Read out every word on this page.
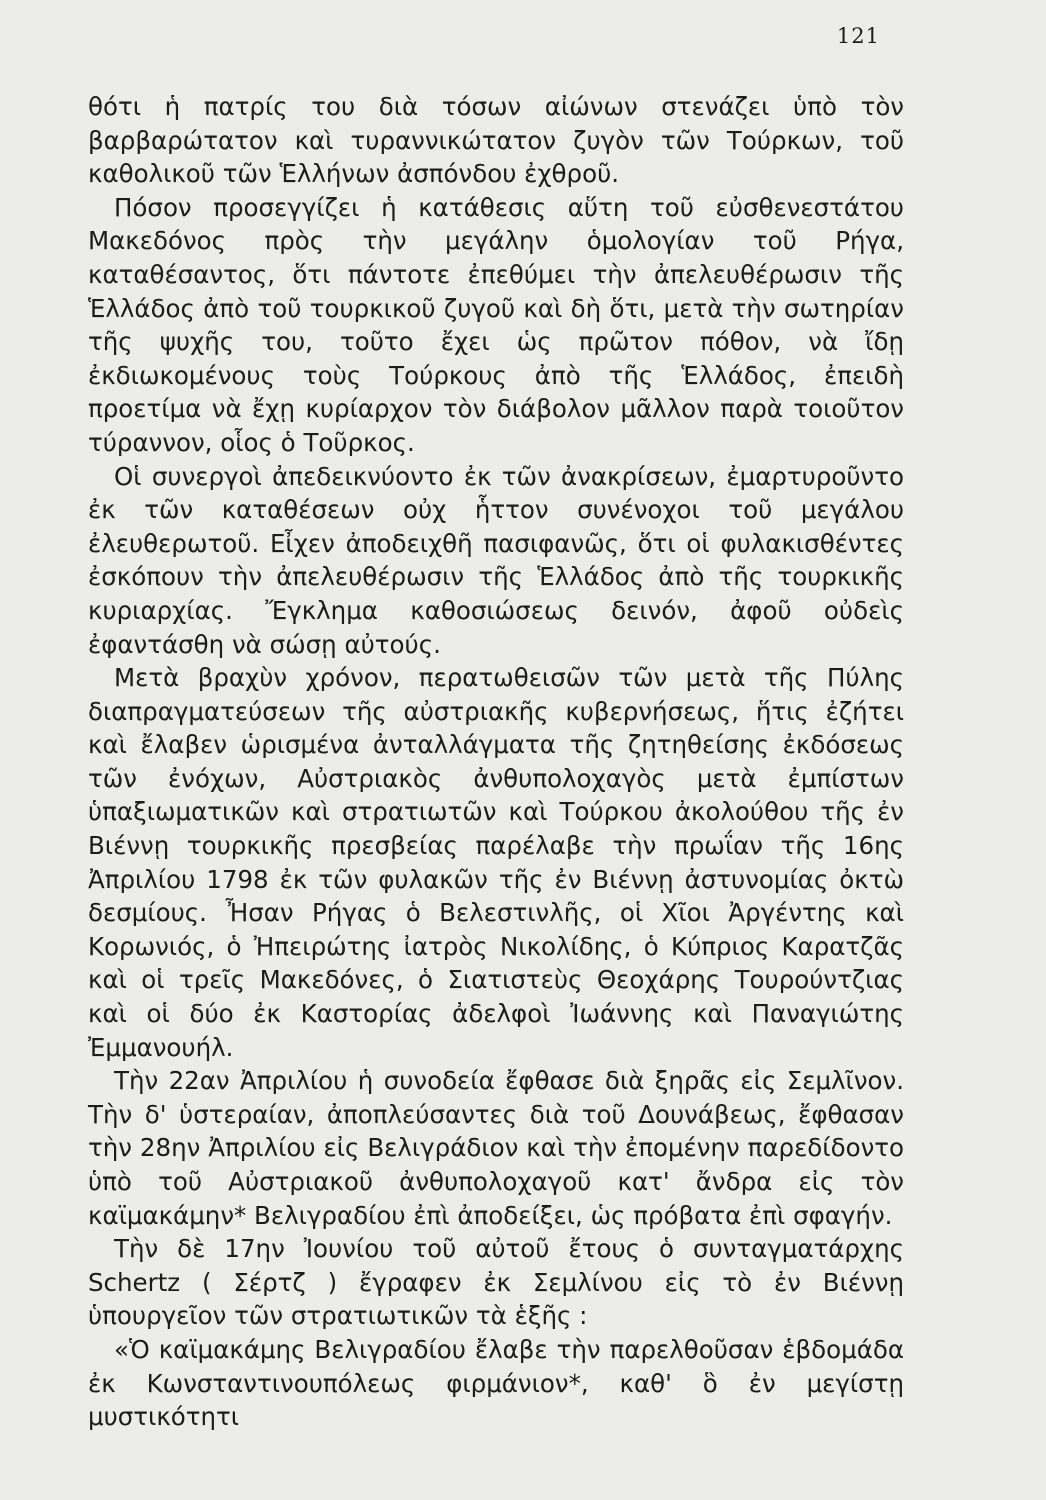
121

θότι ἡ πατρίς του διὰ τόσων αἰώνων στενάζει ὑπὸ τὸν βαρβαρώτατον καὶ τυραννικώτατον ζυγὸν τῶν Τούρκων, τοῦ καθολικοῦ τῶν Ἑλλήνων ἀσπόνδου ἐχθροῦ.

Πόσον προσεγγίζει ἡ κατάθεσις αὕτη τοῦ εὐσθενεστάτου Μακεδόνος πρὸς τὴν μεγάλην ὁμολογίαν τοῦ Ρήγα, καταθέσαντος, ὅτι πάντοτε ἐπεθύμει τὴν ἀπελευθέρωσιν τῆς Ἑλλάδος ἀπὸ τοῦ τουρκικοῦ ζυγοῦ καὶ δὴ ὅτι, μετὰ τὴν σωτηρίαν τῆς ψυχῆς του, τοῦτο ἔχει ὡς πρῶτον πόθον, νὰ ἴδῃ ἐκδιωκομένους τοὺς Τούρκους ἀπὸ τῆς Ἑλλάδος, ἐπειδὴ προετίμα νὰ ἔχῃ κυρίαρχον τὸν διάβολον μᾶλλον παρὰ τοιοῦτον τύραννον, οἷος ὁ Τοῦρκος.

Οἱ συνεργοὶ ἀπεδεικνύοντο ἐκ τῶν ἀνακρίσεων, ἐμαρτυροῦντο ἐκ τῶν καταθέσεων οὐχ ἧττον συνένοχοι τοῦ μεγάλου ἐλευθερωτοῦ. Εἶχεν ἀποδειχθῆ πασιφανῶς, ὅτι οἱ φυλακισθέντες ἐσκόπουν τὴν ἀπελευθέρωσιν τῆς Ἑλλάδος ἀπὸ τῆς τουρκικῆς κυριαρχίας. Ἔγκλημα καθοσιώσεως δεινόν, ἀφοῦ οὐδεὶς ἐφαντάσθη νὰ σώσῃ αὐτούς.

Μετὰ βραχὺν χρόνον, περατωθεισῶν τῶν μετὰ τῆς Πύλης διαπραγματεύσεων τῆς αὐστριακῆς κυβερνήσεως, ἥτις ἐζήτει καὶ ἔλαβεν ὡρισμένα ἀνταλλάγματα τῆς ζητηθείσης ἐκδόσεως τῶν ἐνόχων, Αὐστριακὸς ἀνθυπολοχαγὸς μετὰ ἐμπίστων ὑπαξιωματικῶν καὶ στρατιωτῶν καὶ Τούρκου ἀκολούθου τῆς ἐν Βιέννῃ τουρκικῆς πρεσβείας παρέλαβε τὴν πρωΐαν τῆς 16ης Ἀπριλίου 1798 ἐκ τῶν φυλακῶν τῆς ἐν Βιέννῃ ἀστυνομίας ὀκτὼ δεσμίους. Ἦσαν Ρήγας ὁ Βελεστινλῆς, οἱ Χῖοι Ἀργέντης καὶ Κορωνιός, ὁ Ἠπειρώτης ἰατρὸς Νικολίδης, ὁ Κύπριος Καρατζᾶς καὶ οἱ τρεῖς Μακεδόνες, ὁ Σιατιστεὺς Θεοχάρης Τουρούντζιας καὶ οἱ δύο ἐκ Καστορίας ἀδελφοὶ Ἰωάννης καὶ Παναγιώτης Ἐμμανουήλ.

Τὴν 22αν Ἀπριλίου ἡ συνοδεία ἔφθασε διὰ ξηρᾶς εἰς Σεμλῖνον. Τὴν δ' ὑστεραίαν, ἀποπλεύσαντες διὰ τοῦ Δουνάβεως, ἔφθασαν τὴν 28ην Ἀπριλίου εἰς Βελιγράδιον καὶ τὴν ἐπομένην παρεδίδοντο ὑπὸ τοῦ Αὐστριακοῦ ἀνθυπολοχαγοῦ κατ' ἄνδρα εἰς τὸν καϊμακάμην* Βελιγραδίου ἐπὶ ἀποδείξει, ὡς πρόβατα ἐπὶ σφαγήν.

Τὴν δὲ 17ην Ἰουνίου τοῦ αὐτοῦ ἔτους ὁ συνταγματάρχης Schertz ( Σέρτζ ) ἔγραφεν ἐκ Σεμλίνου εἰς τὸ ἐν Βιέννῃ ὑπουργεῖον τῶν στρατιωτικῶν τὰ ἑξῆς :

«Ὁ καϊμακάμης Βελιγραδίου ἔλαβε τὴν παρελθοῦσαν ἑβδομάδα ἐκ Κωνσταντινουπόλεως φιρμάνιον*, καθ' ὃ ἐν μεγίστῃ μυστικότητι
